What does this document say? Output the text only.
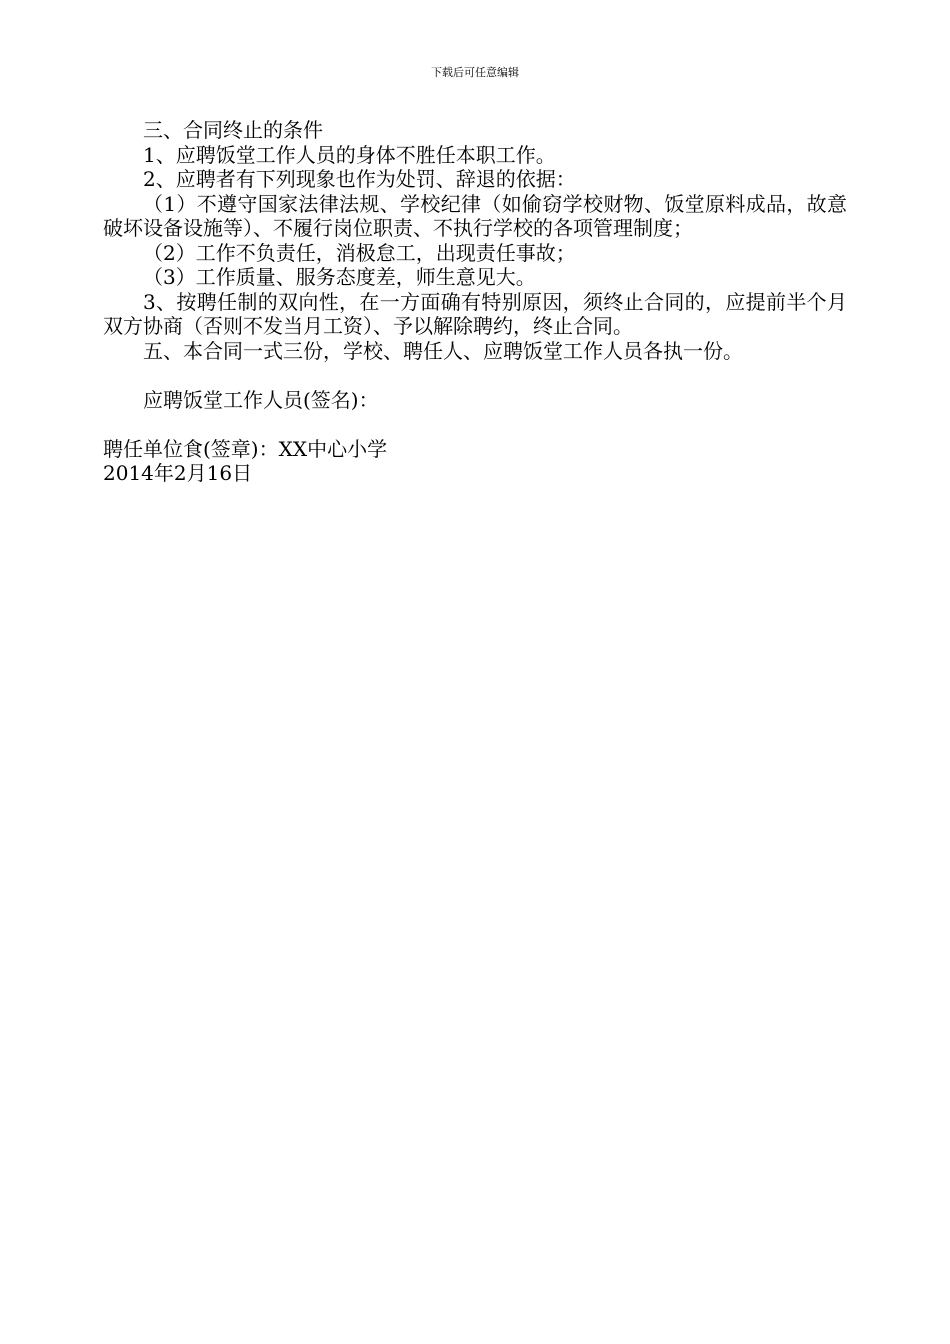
下载后可任意编辑

三、合同终止的条件

1、应聘饭堂工作人员的身体不胜任本职工作。

2、应聘者有下列现象也作为处罚、辞退的依据：

（1）不遵守国家法律法规、学校纪律（如偷窃学校财物、饭堂原料成品，故意破坏设备设施等）、不履行岗位职责、不执行学校的各项管理制度；

（2）工作不负责任，消极怠工，出现责任事故；

（3）工作质量、服务态度差，师生意见大。

3、按聘任制的双向性，在一方面确有特别原因，须终止合同的，应提前半个月双方协商（否则不发当月工资）、予以解除聘约，终止合同。

五、本合同一式三份，学校、聘任人、应聘饭堂工作人员各执一份。

应聘饭堂工作人员(签名)：

聘任单位食(签章)：XX中心小学

2014年2月16日
